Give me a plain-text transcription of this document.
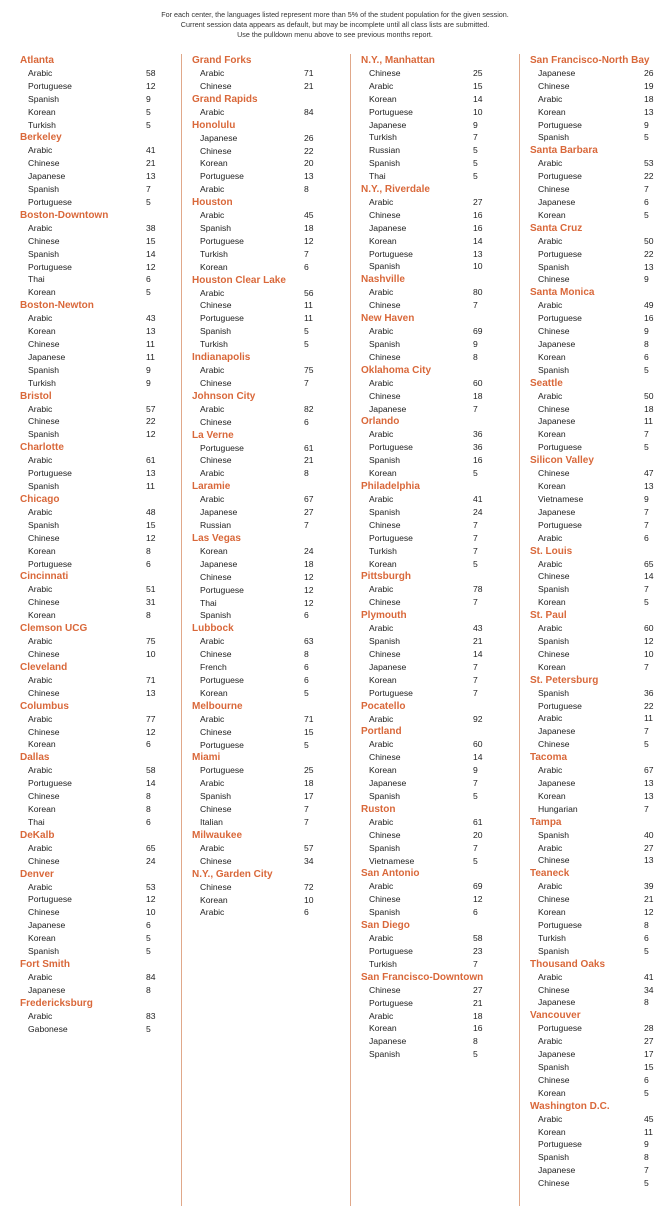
For each center, the languages listed represent more than 5% of the student population for the given session.
Current session data appears as default, but may be incomplete until all class lists are submitted.
Use the pulldown menu above to see previous months report.
Atlanta
Arabic	58
Portuguese	12
Spanish	9
Korean	5
Turkish	5
Berkeley
Arabic	41
Chinese	21
Japanese	13
Spanish	7
Portuguese	5
Boston-Downtown
Arabic	38
Chinese	15
Spanish	14
Portuguese	12
Thai	6
Korean	5
Boston-Newton
Arabic	43
Korean	13
Chinese	11
Japanese	11
Spanish	9
Turkish	9
Bristol
Arabic	57
Chinese	22
Spanish	12
Charlotte
Arabic	61
Portuguese	13
Spanish	11
Chicago
Arabic	48
Spanish	15
Chinese	12
Korean	8
Portuguese	6
Cincinnati
Arabic	51
Chinese	31
Korean	8
Clemson UCG
Arabic	75
Chinese	10
Cleveland
Arabic	71
Chinese	13
Columbus
Arabic	77
Chinese	12
Korean	6
Dallas
Arabic	58
Portuguese	14
Chinese	8
Korean	8
Thai	6
DeKalb
Arabic	65
Chinese	24
Denver
Arabic	53
Portuguese	12
Chinese	10
Japanese	6
Korean	5
Spanish	5
Fort Smith
Arabic	84
Japanese	8
Fredericksburg
Arabic	83
Gabonese	5
Grand Forks
Arabic	71
Chinese	21
Grand Rapids
Arabic	84
Honolulu
Japanese	26
Chinese	22
Korean	20
Portuguese	13
Arabic	8
Houston
Arabic	45
Spanish	18
Portuguese	12
Turkish	7
Korean	6
Houston Clear Lake
Arabic	56
Chinese	11
Portuguese	11
Spanish	5
Turkish	5
Indianapolis
Arabic	75
Chinese	7
Johnson City
Arabic	82
Chinese	6
La Verne
Portuguese	61
Chinese	21
Arabic	8
Laramie
Arabic	67
Japanese	27
Russian	7
Las Vegas
Korean	24
Japanese	18
Chinese	12
Portuguese	12
Thai	12
Spanish	6
Lubbock
Arabic	63
Chinese	8
French	6
Portuguese	6
Korean	5
Melbourne
Arabic	71
Chinese	15
Portuguese	5
Miami
Portuguese	25
Arabic	18
Spanish	17
Chinese	7
Italian	7
Milwaukee
Arabic	57
Chinese	34
N.Y., Garden City
Chinese	72
Korean	10
Arabic	6
N.Y., Manhattan
Chinese	25
Arabic	15
Korean	14
Portuguese	10
Japanese	9
Turkish	7
Russian	5
Spanish	5
Thai	5
N.Y., Riverdale
Arabic	27
Chinese	16
Japanese	16
Korean	14
Portuguese	13
Spanish	10
Nashville
Arabic	80
Chinese	7
New Haven
Arabic	69
Spanish	9
Chinese	8
Oklahoma City
Arabic	60
Chinese	18
Japanese	7
Orlando
Arabic	36
Portuguese	36
Spanish	16
Korean	5
Philadelphia
Arabic	41
Spanish	24
Chinese	7
Portuguese	7
Turkish	7
Korean	5
Pittsburgh
Arabic	78
Chinese	7
Plymouth
Arabic	43
Spanish	21
Chinese	14
Japanese	7
Korean	7
Portuguese	7
Pocatello
Arabic	92
Portland
Arabic	60
Chinese	14
Korean	9
Japanese	7
Spanish	5
Ruston
Arabic	61
Chinese	20
Spanish	7
Vietnamese	5
San Antonio
Arabic	69
Chinese	12
Spanish	6
San Diego
Arabic	58
Portuguese	23
Turkish	7
San Francisco-Downtown
Chinese	27
Portuguese	21
Arabic	18
Korean	16
Japanese	8
Spanish	5
San Francisco-North Bay
Japanese	26
Chinese	19
Arabic	18
Korean	13
Portuguese	9
Spanish	5
Santa Barbara
Arabic	53
Portuguese	22
Chinese	7
Japanese	6
Korean	5
Santa Cruz
Arabic	50
Portuguese	22
Spanish	13
Chinese	9
Santa Monica
Arabic	49
Portuguese	16
Chinese	9
Japanese	8
Korean	6
Spanish	5
Seattle
Arabic	50
Chinese	18
Japanese	11
Korean	7
Portuguese	5
Silicon Valley
Chinese	47
Korean	13
Vietnamese	9
Japanese	7
Portuguese	7
Arabic	6
St. Louis
Arabic	65
Chinese	14
Spanish	7
Korean	5
St. Paul
Arabic	60
Spanish	12
Chinese	10
Korean	7
St. Petersburg
Spanish	36
Portuguese	22
Arabic	11
Japanese	7
Chinese	5
Tacoma
Arabic	67
Japanese	13
Korean	13
Hungarian	7
Tampa
Spanish	40
Arabic	27
Chinese	13
Teaneck
Arabic	39
Chinese	21
Korean	12
Portuguese	8
Turkish	6
Spanish	5
Thousand Oaks
Arabic	41
Chinese	34
Japanese	8
Vancouver
Portuguese	28
Arabic	27
Japanese	17
Spanish	15
Chinese	6
Korean	5
Washington D.C.
Arabic	45
Korean	11
Portuguese	9
Spanish	8
Japanese	7
Chinese	5
